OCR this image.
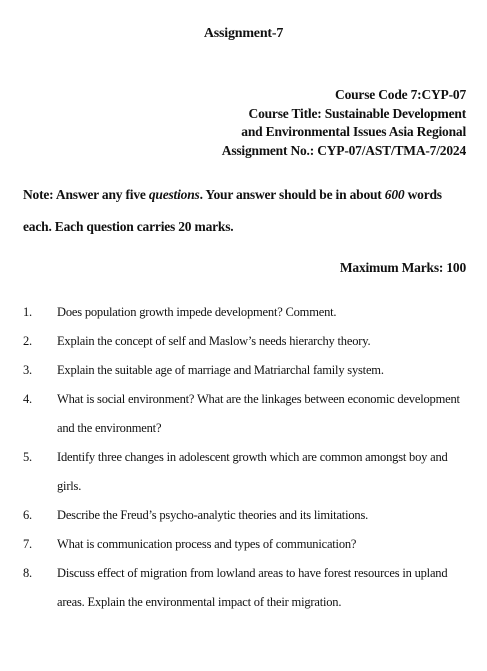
Assignment-7
Course Code 7:CYP-07
Course Title: Sustainable Development
and Environmental Issues Asia Regional
Assignment No.: CYP-07/AST/TMA-7/2024
Note: Answer any five questions. Your answer should be in about 600 words each. Each question carries 20 marks.
Maximum Marks: 100
1.	Does population growth impede development? Comment.
2.	Explain the concept of self and Maslow’s needs hierarchy theory.
3.	Explain the suitable age of marriage and Matriarchal family system.
4.	What is social environment? What are the linkages between economic development and the environment?
5.	Identify three changes in adolescent growth which are common amongst boy and girls.
6.	Describe the Freud’s psycho-analytic theories and its limitations.
7.	What is communication process and types of communication?
8.	Discuss effect of migration from lowland areas to have forest resources in upland areas. Explain the environmental impact of their migration.
